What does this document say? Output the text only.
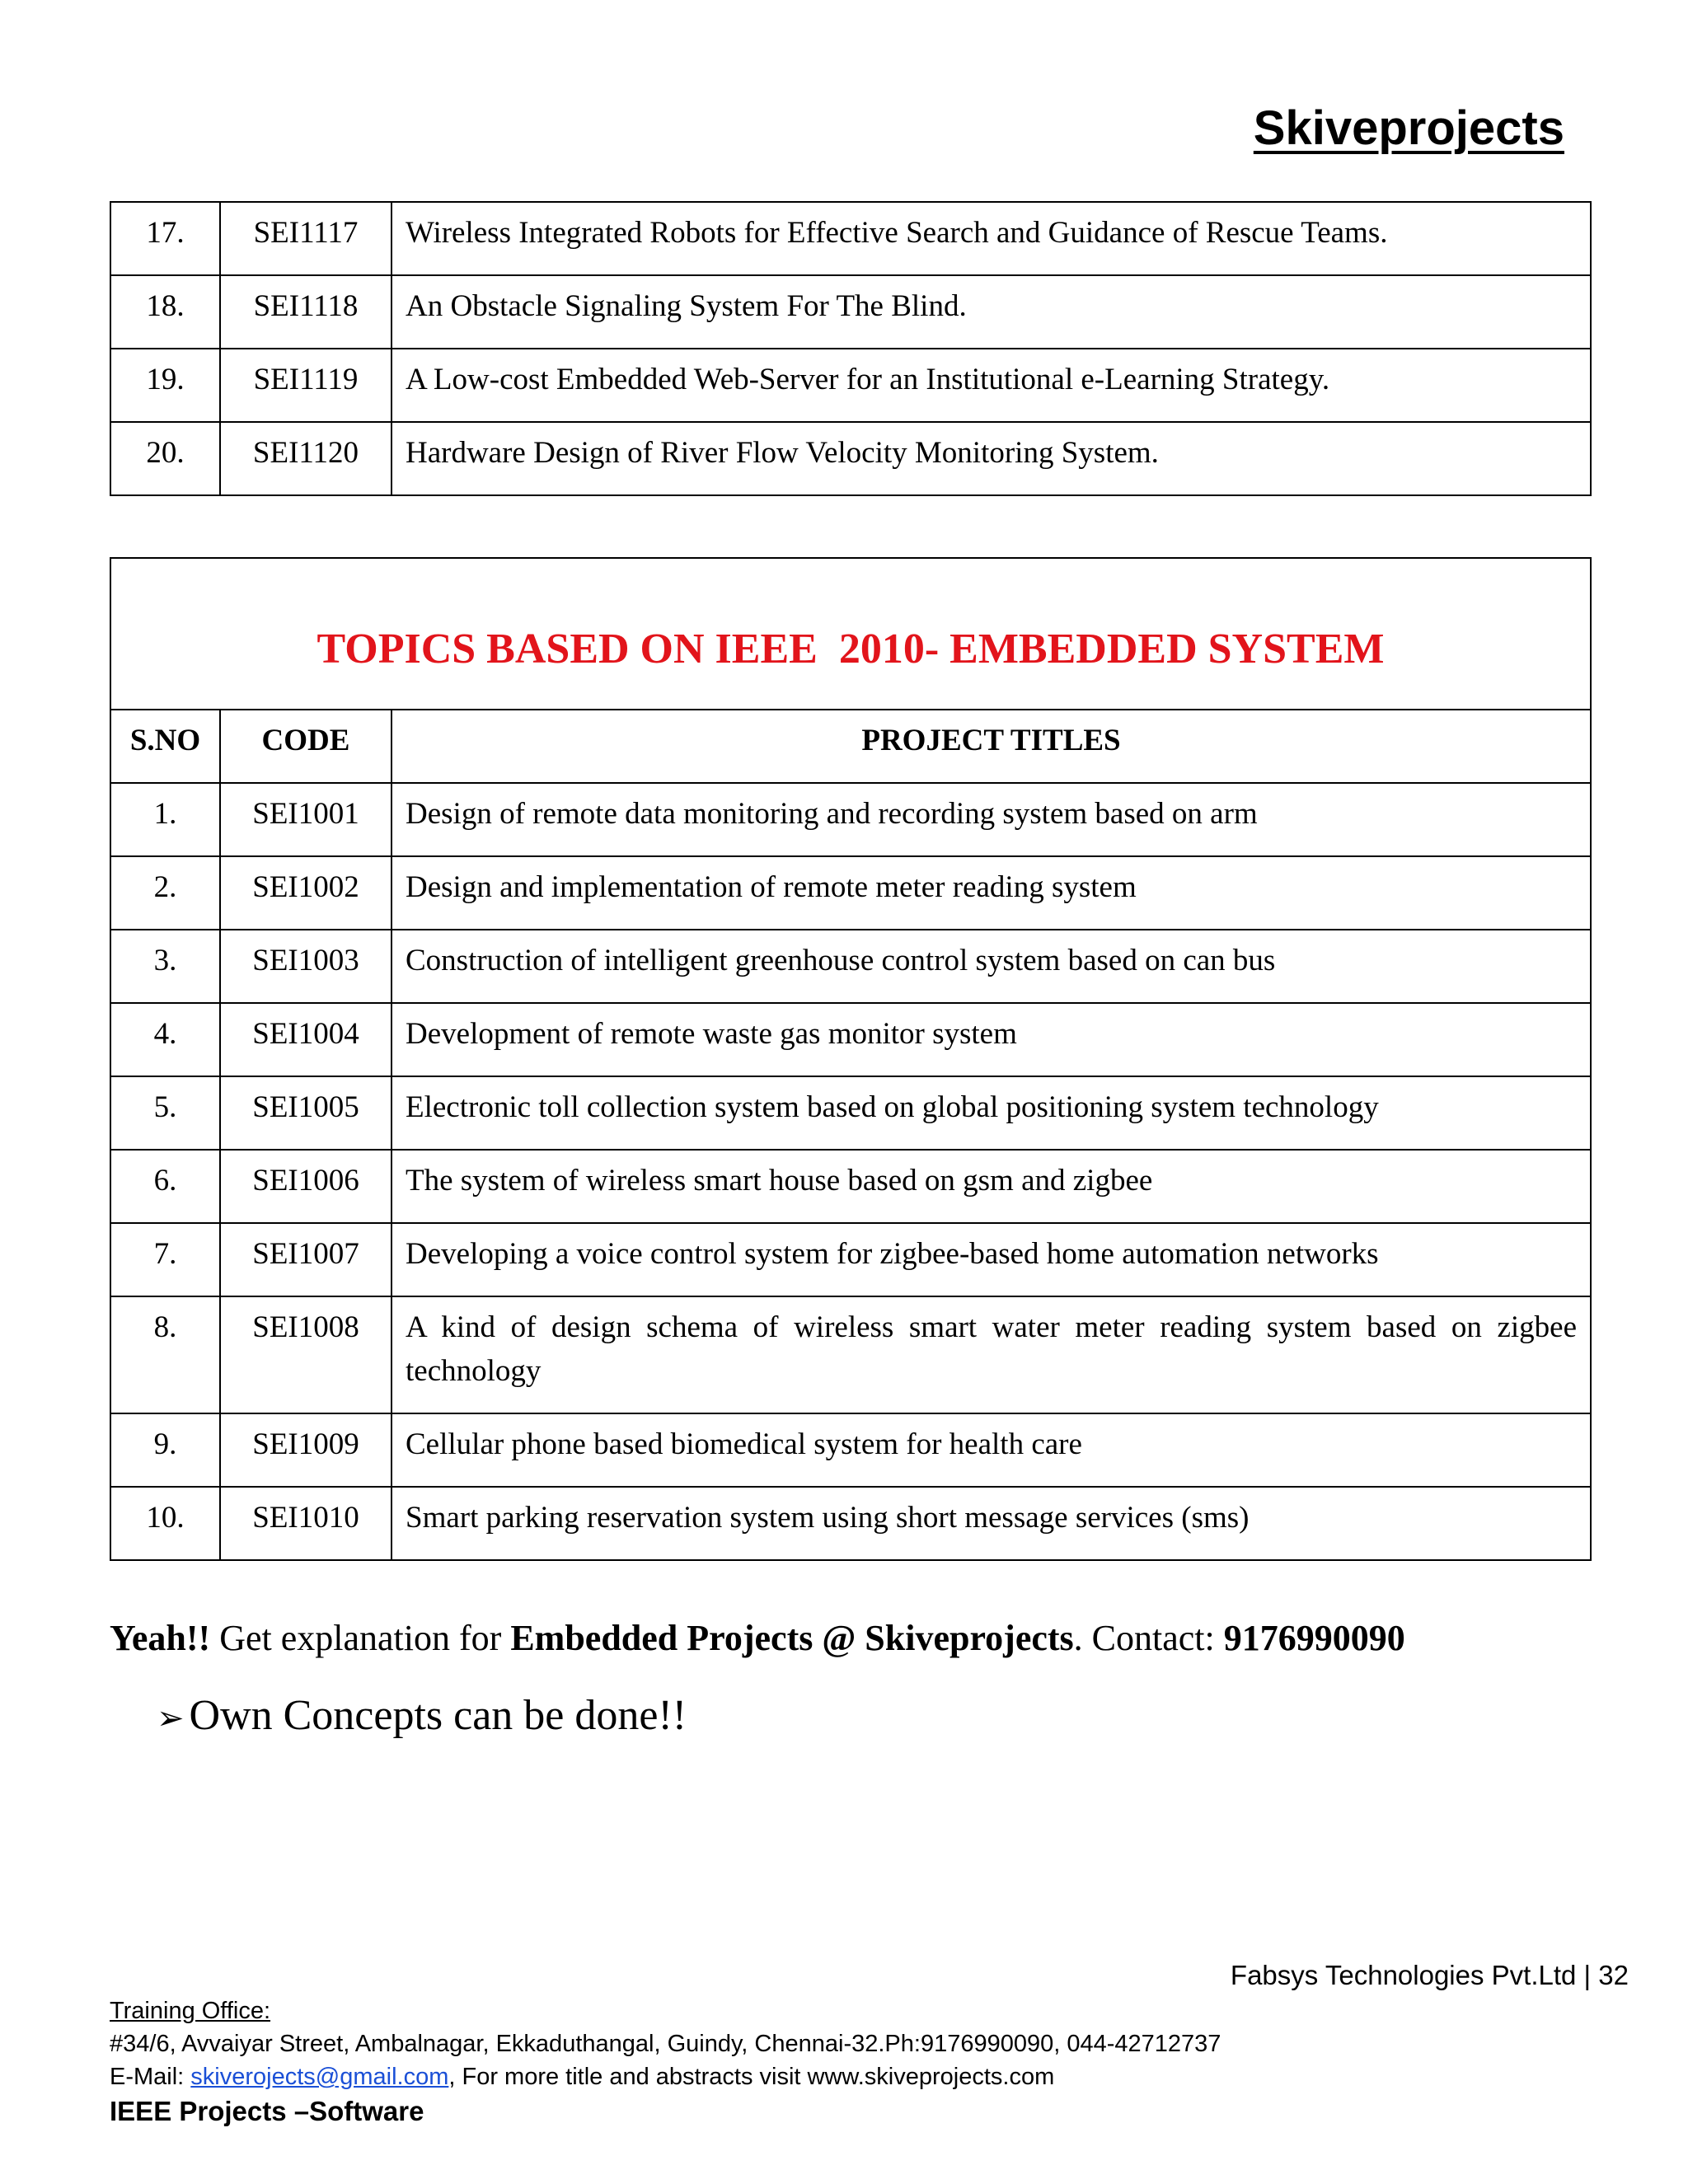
Skiveprojects
17.	SEI1117	Wireless Integrated Robots for Effective Search and Guidance of Rescue Teams.
18.	SEI1118	An Obstacle Signaling System For The Blind.
19.	SEI1119	A Low-cost Embedded Web-Server for an Institutional e-Learning Strategy.
20.	SEI1120	Hardware Design of River Flow Velocity Monitoring System.
TOPICS BASED ON IEEE  2010- EMBEDDED SYSTEM		
S.NO	CODE	PROJECT TITLES
1.	SEI1001	Design of remote data monitoring and recording system based on arm
2.	SEI1002	Design and implementation of remote meter reading system
3.	SEI1003	Construction of intelligent greenhouse control system based on can bus
4.	SEI1004	Development of remote waste gas monitor system
5.	SEI1005	Electronic toll collection system based on global positioning system technology
6.	SEI1006	The system of wireless smart house based on gsm and zigbee
7.	SEI1007	Developing a voice control system for zigbee-based home automation networks
8.	SEI1008	A kind of design schema of wireless smart water meter reading system based on zigbee technology
9.	SEI1009	Cellular phone based biomedical system for health care
10.	SEI1010	Smart parking reservation system using short message services (sms)
Yeah!! Get explanation for Embedded Projects @ Skiveprojects. Contact: 9176990090
➢ Own Concepts can be done!!
Fabsys Technologies Pvt.Ltd | 32
Training Office:
#34/6, Avvaiyar Street, Ambalnagar, Ekkaduthangal, Guindy, Chennai-32.Ph:9176990090, 044-42712737
E-Mail: skiverojects@gmail.com, For more title and abstracts visit www.skiveprojects.com
IEEE Projects –Software
